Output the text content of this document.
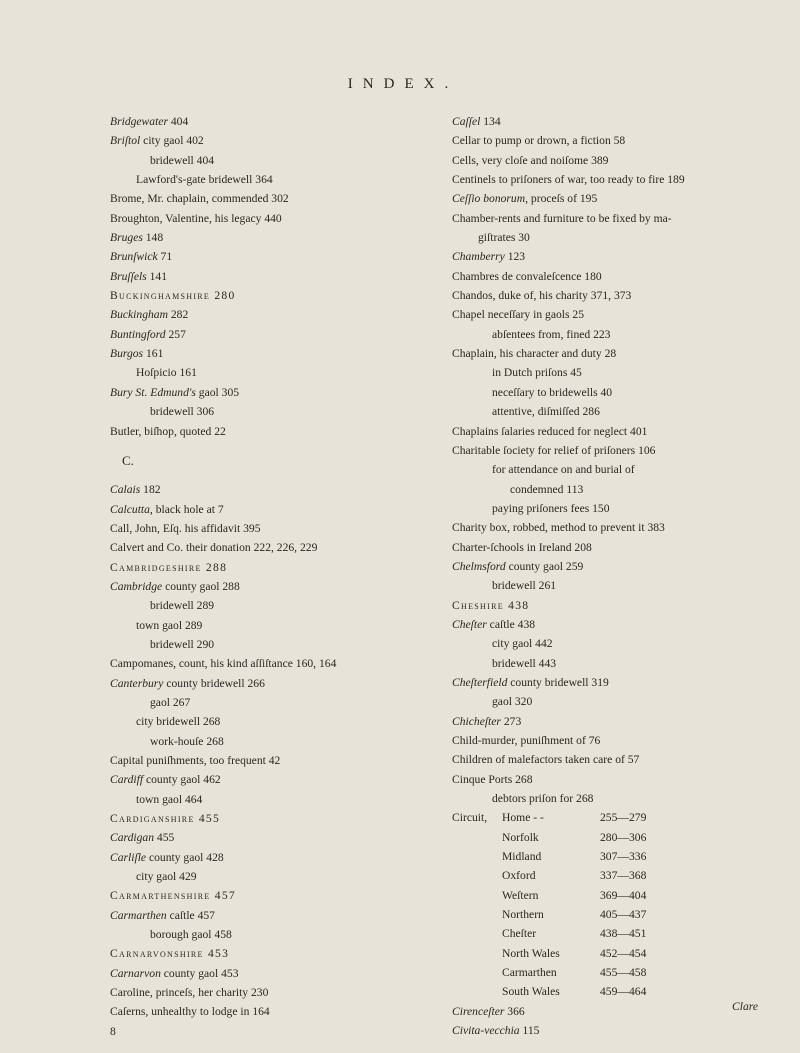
INDEX.
Bridgewater 404
Briſtol city gaol 402
bridewell 404
Lawford's-gate bridewell 364
Brome, Mr. chaplain, commended 302
Broughton, Valentine, his legacy 440
Bruges 148
Brunſwick 71
Bruſſels 141
Buckinghamshire 280
Buckingham 282
Buntingford 257
Burgos 161
Hoſpicio 161
Bury St. Edmund's gaol 305
bridewell 306
Butler, biſhop, quoted 22
C.
Calais 182
Calcutta, black hole at 7
Call, John, Eſq. his affidavit 395
Calvert and Co. their donation 222, 226, 229
Cambridgeshire 288
Cambridge county gaol 288
bridewell 289
town gaol 289
bridewell 290
Campomanes, count, his kind aſſiſtance 160, 164
Canterbury county bridewell 266
gaol 267
city bridewell 268
work-houſe 268
Capital puniſhments, too frequent 42
Cardiff county gaol 462
town gaol 464
Cardiganshire 455
Cardigan 455
Carliſle county gaol 428
city gaol 429
Carmarthenshire 457
Carmarthen caſtle 457
borough gaol 458
Carnarvonshire 453
Carnarvon county gaol 453
Caroline, princeſs, her charity 230
Caſerns, unhealthy to lodge in 164
8
Caſſel 134
Cellar to pump or drown, a fiction 58
Cells, very cloſe and noiſome 389
Centinels to priſoners of war, too ready to fire 189
Ceſſio bonorum, proceſs of 195
Chamber-rents and furniture to be fixed by ma-
giſtrates 30
Chamberry 123
Chambres de convaleſcence 180
Chandos, duke of, his charity 371, 373
Chapel neceſſary in gaols 25
abſentees from, fined 223
Chaplain, his character and duty 28
in Dutch priſons 45
neceſſary to bridewells 40
attentive, diſmiſſed 286
Chaplains ſalaries reduced for neglect 401
Charitable ſociety for relief of priſoners 106
for attendance on and burial of
condemned 113
paying priſoners fees 150
Charity box, robbed, method to prevent it 383
Charter-ſchools in Ireland 208
Chelmsford county gaol 259
bridewell 261
Cheshire 438
Cheſter caſtle 438
city gaol 442
bridewell 443
Cheſterfield county bridewell 319
gaol 320
Chicheſter 273
Child-murder, puniſhment of 76
Children of malefactors taken care of 57
Cinque Ports 268
debtors priſon for 268
Circuit, Home - -	255—279
Norfolk	280—306
Midland	307—336
Oxford	337—368
Weſtern	369—404
Northern	405—437
Cheſter	438—451
North Wales	452—454
Carmarthen	455—458
South Wales	459—464
Cirenceſter 366
Civita-vecchia 115
Clare
